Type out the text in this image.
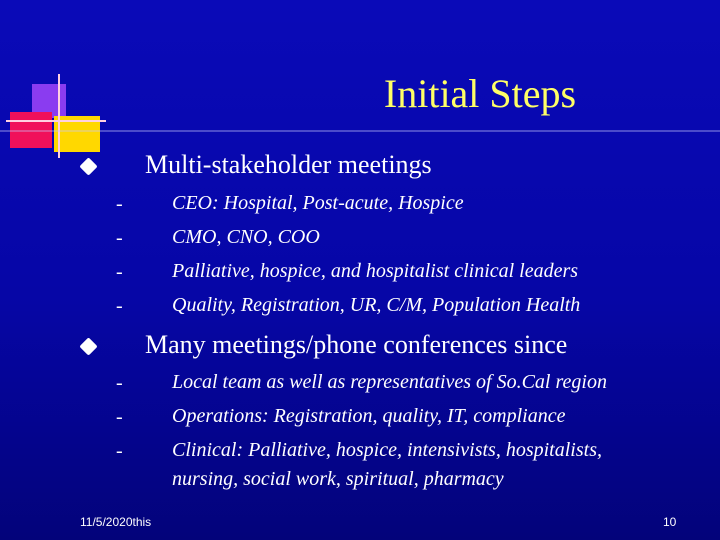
Initial Steps
Multi-stakeholder meetings
- CEO: Hospital, Post-acute, Hospice
- CMO, CNO, COO
- Palliative, hospice, and hospitalist clinical leaders
- Quality, Registration, UR, C/M, Population Health
Many meetings/phone conferences since
- Local team as well as representatives of So.Cal region
- Operations: Registration, quality, IT, compliance
- Clinical: Palliative, hospice, intensivists, hospitalists,
nursing, social work, spiritual, pharmacy
11/5/2020this	10
